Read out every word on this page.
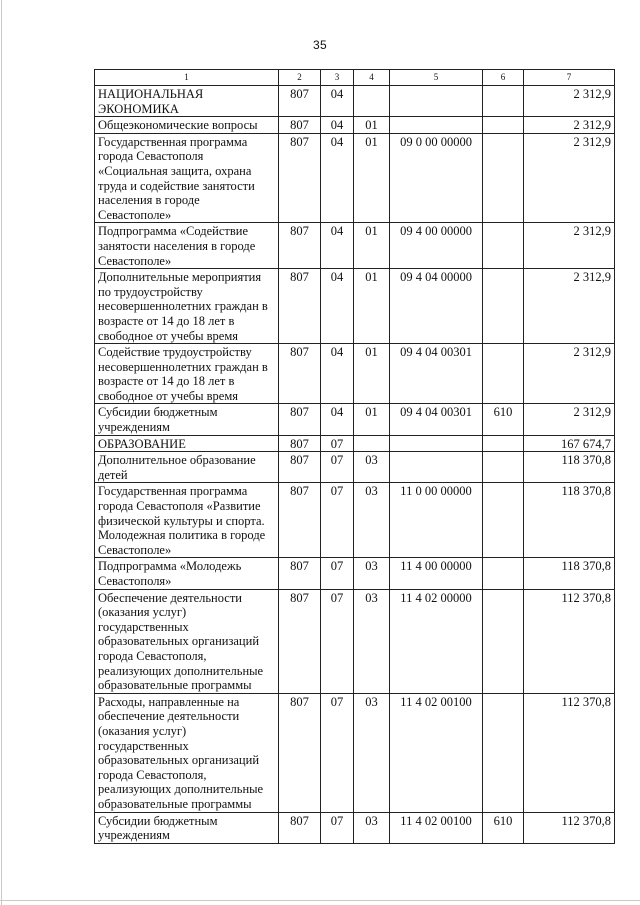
35
1	2	3	4	5	6	7
НАЦИОНАЛЬНАЯ ЭКОНОМИКА	807	04				2 312,9
Общеэкономические вопросы	807	04	01			2 312,9
Государственная программа города Севастополя «Социальная защита, охрана труда и содействие занятости населения в городе Севастополе»	807	04	01	09 0 00 00000		2 312,9
Подпрограмма «Содействие занятости населения в городе Севастополе»	807	04	01	09 4 00 00000		2 312,9
Дополнительные мероприятия по трудоустройству несовершеннолетних граждан в возрасте от 14 до 18 лет в свободное от учебы время	807	04	01	09 4 04 00000		2 312,9
Содействие трудоустройству несовершеннолетних граждан в возрасте от 14 до 18 лет в свободное от учебы время	807	04	01	09 4 04 00301		2 312,9
Субсидии бюджетным учреждениям	807	04	01	09 4 04 00301	610	2 312,9
ОБРАЗОВАНИЕ	807	07				167 674,7
Дополнительное образование детей	807	07	03			118 370,8
Государственная программа города Севастополя «Развитие физической культуры и спорта. Молодежная политика в городе Севастополе»	807	07	03	11 0 00 00000		118 370,8
Подпрограмма «Молодежь Севастополя»	807	07	03	11 4 00 00000		118 370,8
Обеспечение деятельности (оказания услуг) государственных образовательных организаций города Севастополя, реализующих дополнительные образовательные программы	807	07	03	11 4 02 00000		112 370,8
Расходы, направленные на обеспечение деятельности (оказания услуг) государственных образовательных организаций города Севастополя, реализующих дополнительные образовательные программы	807	07	03	11 4 02 00100		112 370,8
Субсидии бюджетным учреждениям	807	07	03	11 4 02 00100	610	112 370,8
